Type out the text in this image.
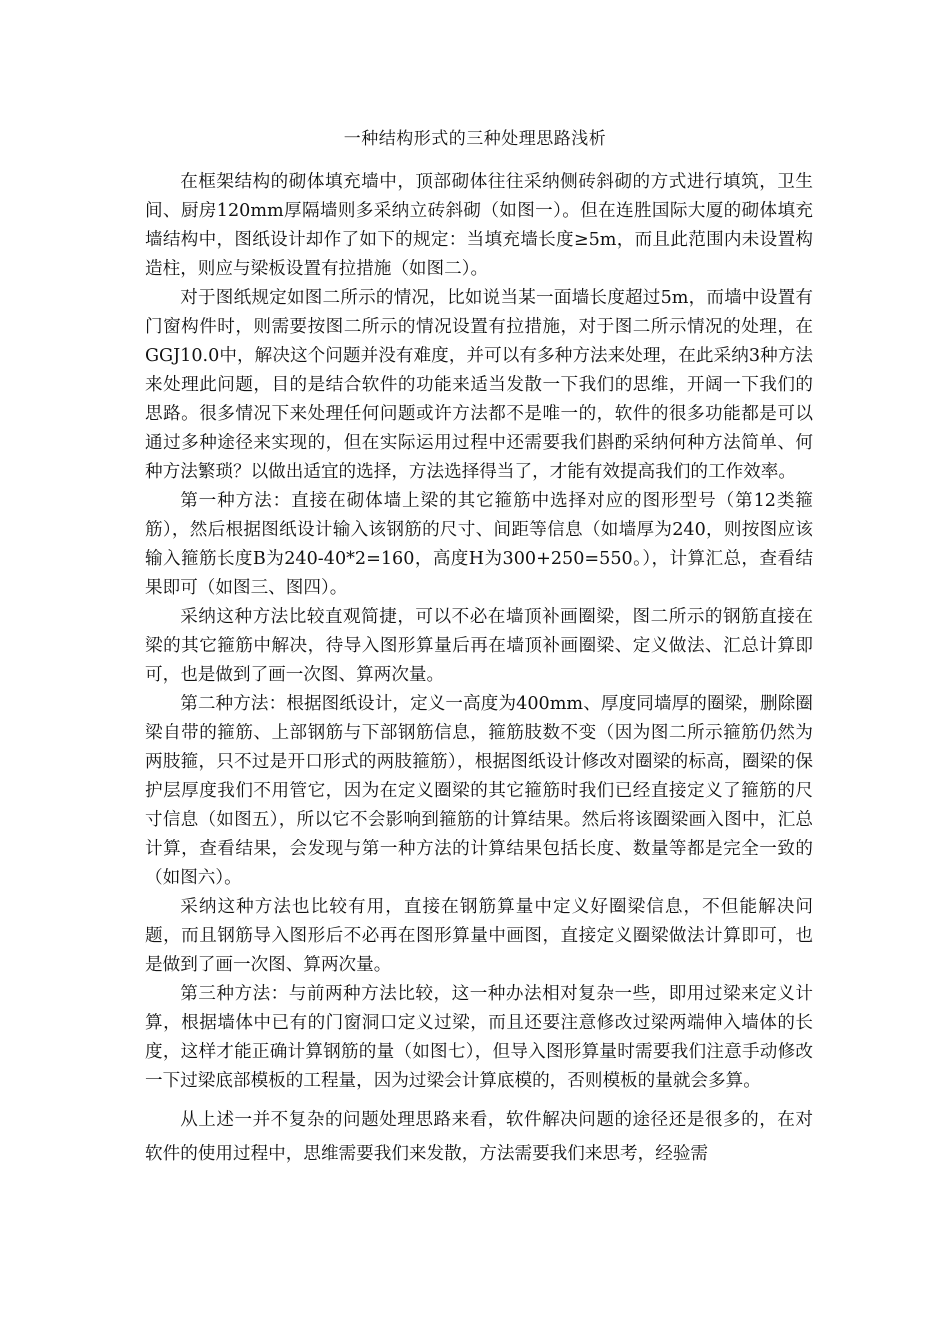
一种结构形式的三种处理思路浅析

在框架结构的砌体填充墙中，顶部砌体往往采纳侧砖斜砌的方式进行填筑，卫生间、厨房120mm厚隔墙则多采纳立砖斜砌（如图一）。但在连胜国际大厦的砌体填充墙结构中，图纸设计却作了如下的规定：当填充墙长度≥5m，而且此范围内未设置构造柱，则应与梁板设置有拉措施（如图二）。

对于图纸规定如图二所示的情况，比如说当某一面墙长度超过5m，而墙中设置有门窗构件时，则需要按图二所示的情况设置有拉措施，对于图二所示情况的处理，在GGJ10.0中，解决这个问题并没有难度，并可以有多种方法来处理，在此采纳3种方法来处理此问题，目的是结合软件的功能来适当发散一下我们的思维，开阔一下我们的思路。很多情况下来处理任何问题或许方法都不是唯一的，软件的很多功能都是可以通过多种途径来实现的，但在实际运用过程中还需要我们斟酌采纳何种方法简单、何种方法繁琐？以做出适宜的选择，方法选择得当了，才能有效提高我们的工作效率。

第一种方法：直接在砌体墙上梁的其它箍筋中选择对应的图形型号（第12类箍筋），然后根据图纸设计输入该钢筋的尺寸、间距等信息（如墙厚为240，则按图应该输入箍筋长度B为240-40*2=160，高度H为300+250=550。），计算汇总，查看结果即可（如图三、图四）。

采纳这种方法比较直观简捷，可以不必在墙顶补画圈梁，图二所示的钢筋直接在梁的其它箍筋中解决，待导入图形算量后再在墙顶补画圈梁、定义做法、汇总计算即可，也是做到了画一次图、算两次量。

第二种方法：根据图纸设计，定义一高度为400mm、厚度同墙厚的圈梁，删除圈梁自带的箍筋、上部钢筋与下部钢筋信息，箍筋肢数不变（因为图二所示箍筋仍然为两肢箍，只不过是开口形式的两肢箍筋），根据图纸设计修改对圈梁的标高，圈梁的保护层厚度我们不用管它，因为在定义圈梁的其它箍筋时我们已经直接定义了箍筋的尺寸信息（如图五），所以它不会影响到箍筋的计算结果。然后将该圈梁画入图中，汇总计算，查看结果，会发现与第一种方法的计算结果包括长度、数量等都是完全一致的（如图六）。

采纳这种方法也比较有用，直接在钢筋算量中定义好圈梁信息，不但能解决问题，而且钢筋导入图形后不必再在图形算量中画图，直接定义圈梁做法计算即可，也是做到了画一次图、算两次量。

第三种方法：与前两种方法比较，这一种办法相对复杂一些，即用过梁来定义计算，根据墙体中已有的门窗洞口定义过梁，而且还要注意修改过梁两端伸入墙体的长度，这样才能正确计算钢筋的量（如图七），但导入图形算量时需要我们注意手动修改一下过梁底部模板的工程量，因为过梁会计算底模的，否则模板的量就会多算。

从上述一并不复杂的问题处理思路来看，软件解决问题的途径还是很多的，在对软件的使用过程中，思维需要我们来发散，方法需要我们来思考，经验需
